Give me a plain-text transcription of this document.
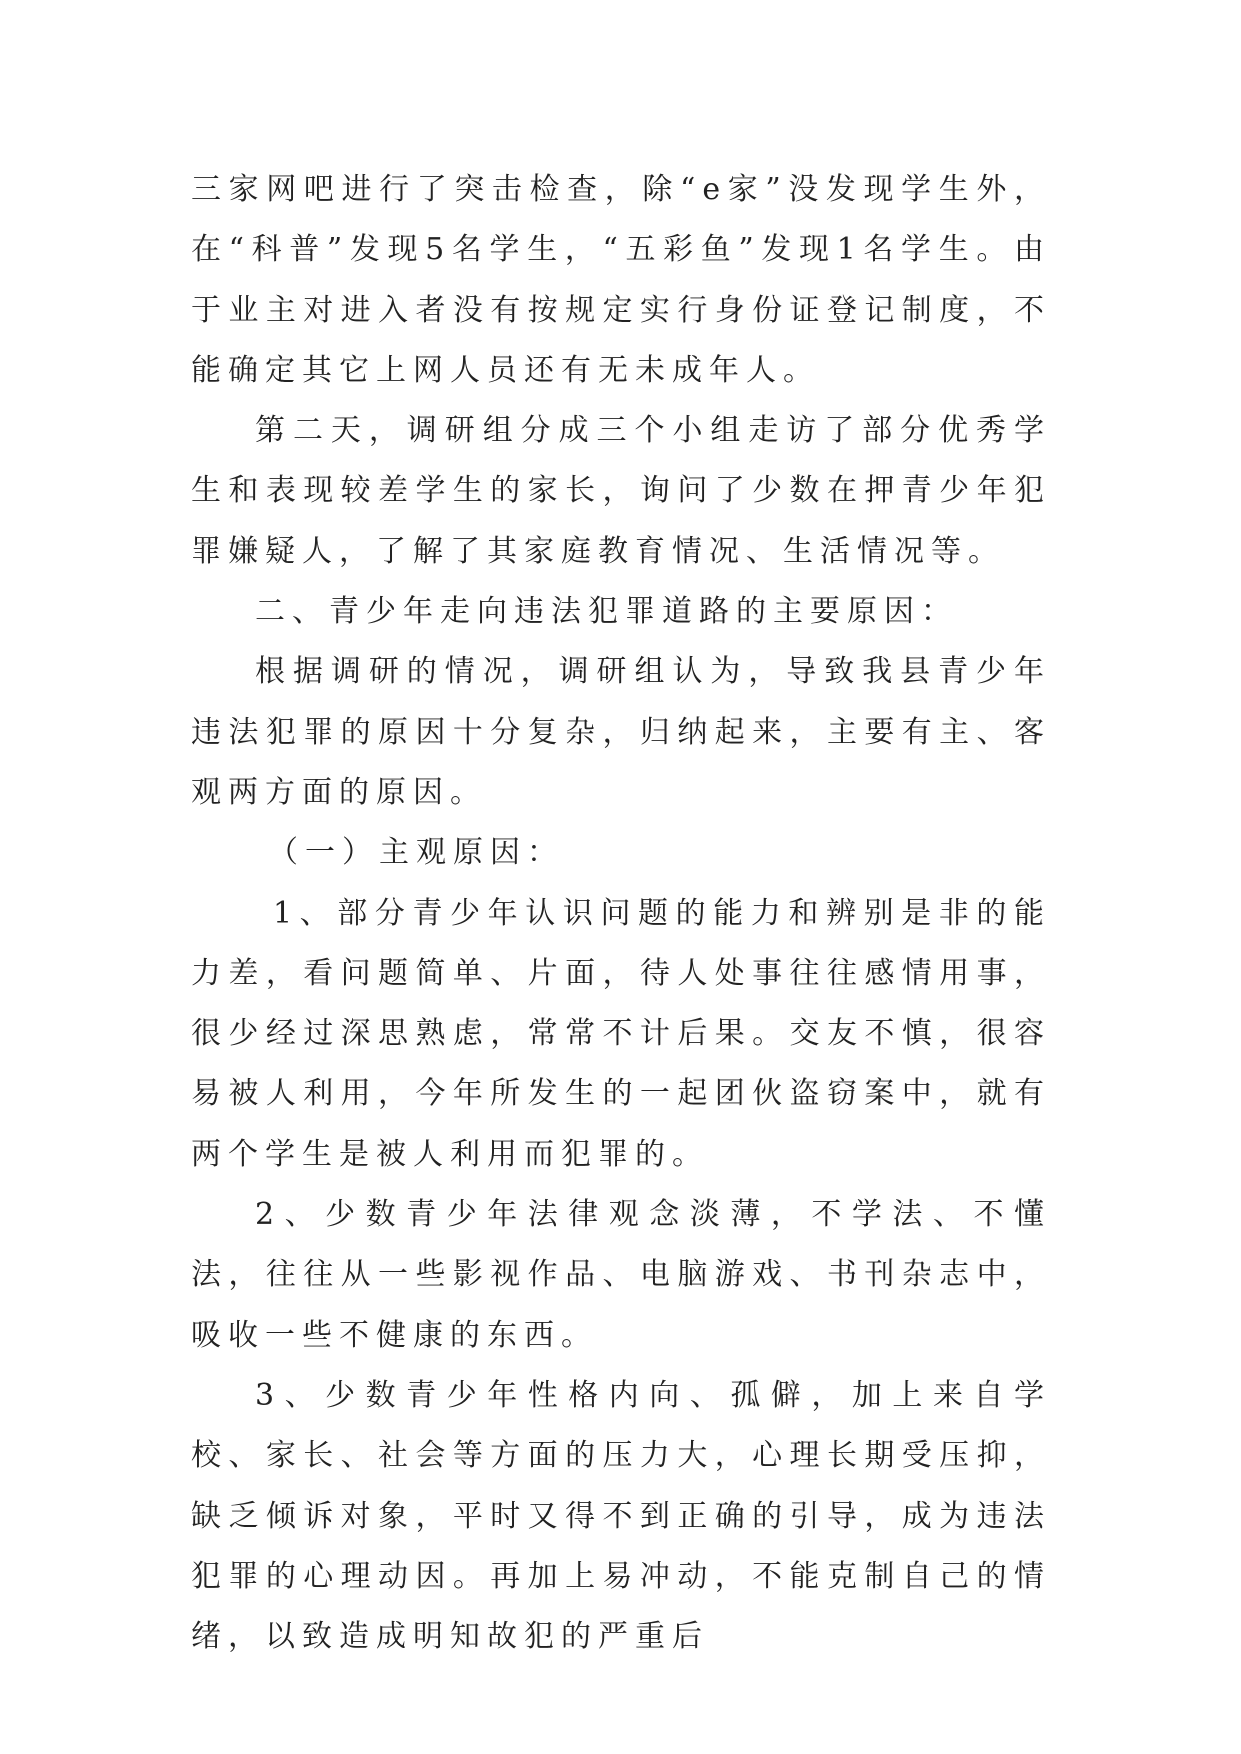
三家网吧进行了突击检查，除“e家”没发现学生外，在“科普”发现5名学生，“五彩鱼”发现1名学生。由于业主对进入者没有按规定实行身份证登记制度，不能确定其它上网人员还有无未成年人。

第二天，调研组分成三个小组走访了部分优秀学生和表现较差学生的家长，询问了少数在押青少年犯罪嫌疑人，了解了其家庭教育情况、生活情况等。

二、青少年走向违法犯罪道路的主要原因：

根据调研的情况，调研组认为，导致我县青少年违法犯罪的原因十分复杂，归纳起来，主要有主、客观两方面的原因。

（一）主观原因：

1、部分青少年认识问题的能力和辨别是非的能力差，看问题简单、片面，待人处事往往感情用事，很少经过深思熟虑，常常不计后果。交友不慎，很容易被人利用，今年所发生的一起团伙盗窃案中，就有两个学生是被人利用而犯罪的。

2、少数青少年法律观念淡薄，不学法、不懂法，往往从一些影视作品、电脑游戏、书刊杂志中，吸收一些不健康的东西。

3、少数青少年性格内向、孤僻，加上来自学校、家长、社会等方面的压力大，心理长期受压抑，缺乏倾诉对象，平时又得不到正确的引导，成为违法犯罪的心理动因。再加上易冲动，不能克制自己的情绪，以致造成明知故犯的严重后
